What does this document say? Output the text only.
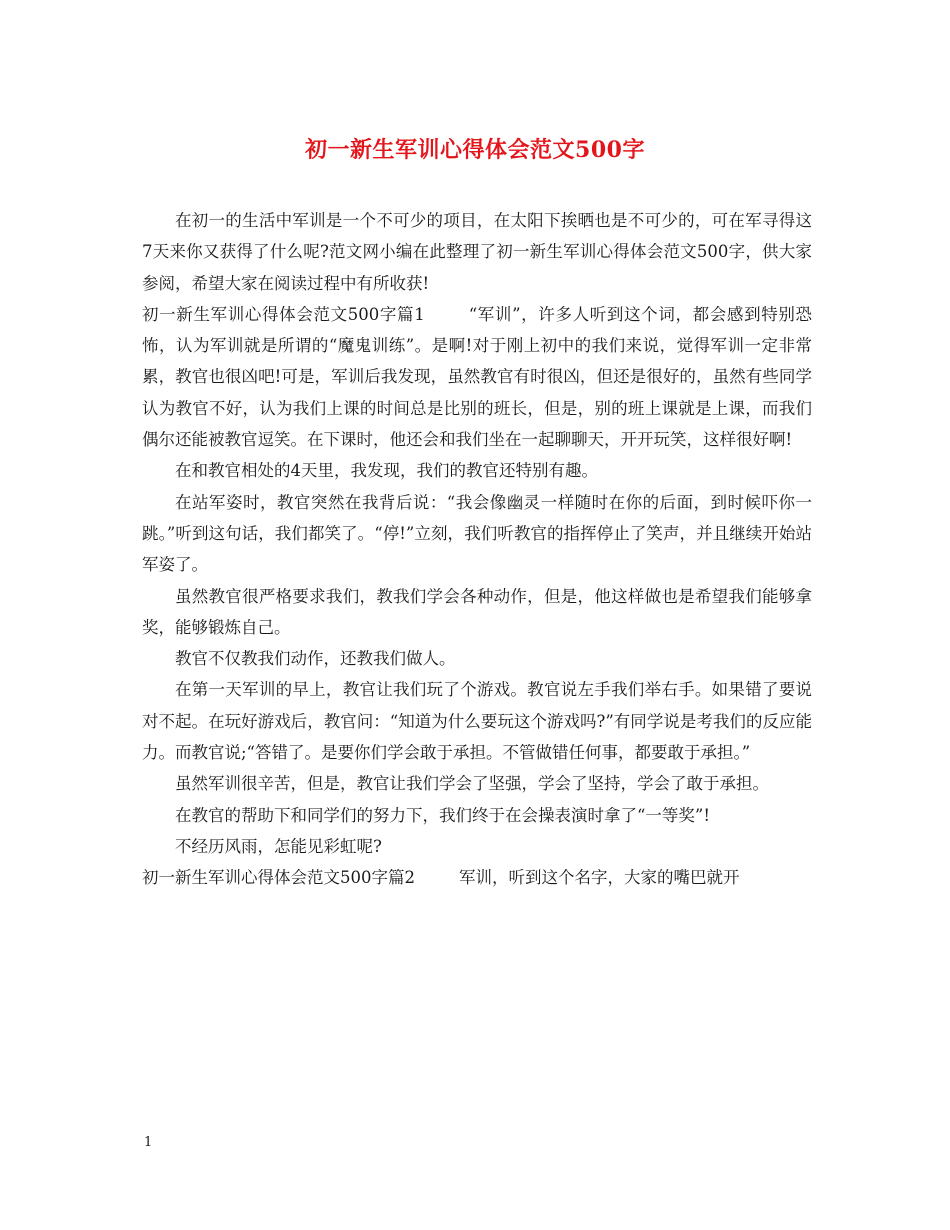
初一新生军训心得体会范文500字

在初一的生活中军训是一个不可少的项目，在太阳下挨晒也是不可少的，可在军寻得这7天来你又获得了什么呢?范文网小编在此整理了初一新生军训心得体会范文500字，供大家参阅，希望大家在阅读过程中有所收获!

初一新生军训心得体会范文500字篇1	“军训”，许多人听到这个词，都会感到特别恐怖，认为军训就是所谓的“魔鬼训练”。是啊!对于刚上初中的我们来说，觉得军训一定非常累，教官也很凶吧!可是，军训后我发现，虽然教官有时很凶，但还是很好的，虽然有些同学认为教官不好，认为我们上课的时间总是比别的班长，但是，别的班上课就是上课，而我们偶尔还能被教官逗笑。在下课时，他还会和我们坐在一起聊聊天，开开玩笑，这样很好啊!

在和教官相处的4天里，我发现，我们的教官还特别有趣。

在站军姿时，教官突然在我背后说：“我会像幽灵一样随时在你的后面，到时候吓你一跳。”听到这句话，我们都笑了。“停!”立刻，我们听教官的指挥停止了笑声，并且继续开始站军姿了。

虽然教官很严格要求我们，教我们学会各种动作，但是，他这样做也是希望我们能够拿奖，能够锻炼自己。

教官不仅教我们动作，还教我们做人。

在第一天军训的早上，教官让我们玩了个游戏。教官说左手我们举右手。如果错了要说对不起。在玩好游戏后，教官问：“知道为什么要玩这个游戏吗?”有同学说是考我们的反应能力。而教官说;“答错了。是要你们学会敢于承担。不管做错任何事，都要敢于承担。”

虽然军训很辛苦，但是，教官让我们学会了坚强，学会了坚持，学会了敢于承担。

在教官的帮助下和同学们的努力下，我们终于在会操表演时拿了“一等奖”!

不经历风雨，怎能见彩虹呢?

初一新生军训心得体会范文500字篇2	军训，听到这个名字，大家的嘴巴就开

1
